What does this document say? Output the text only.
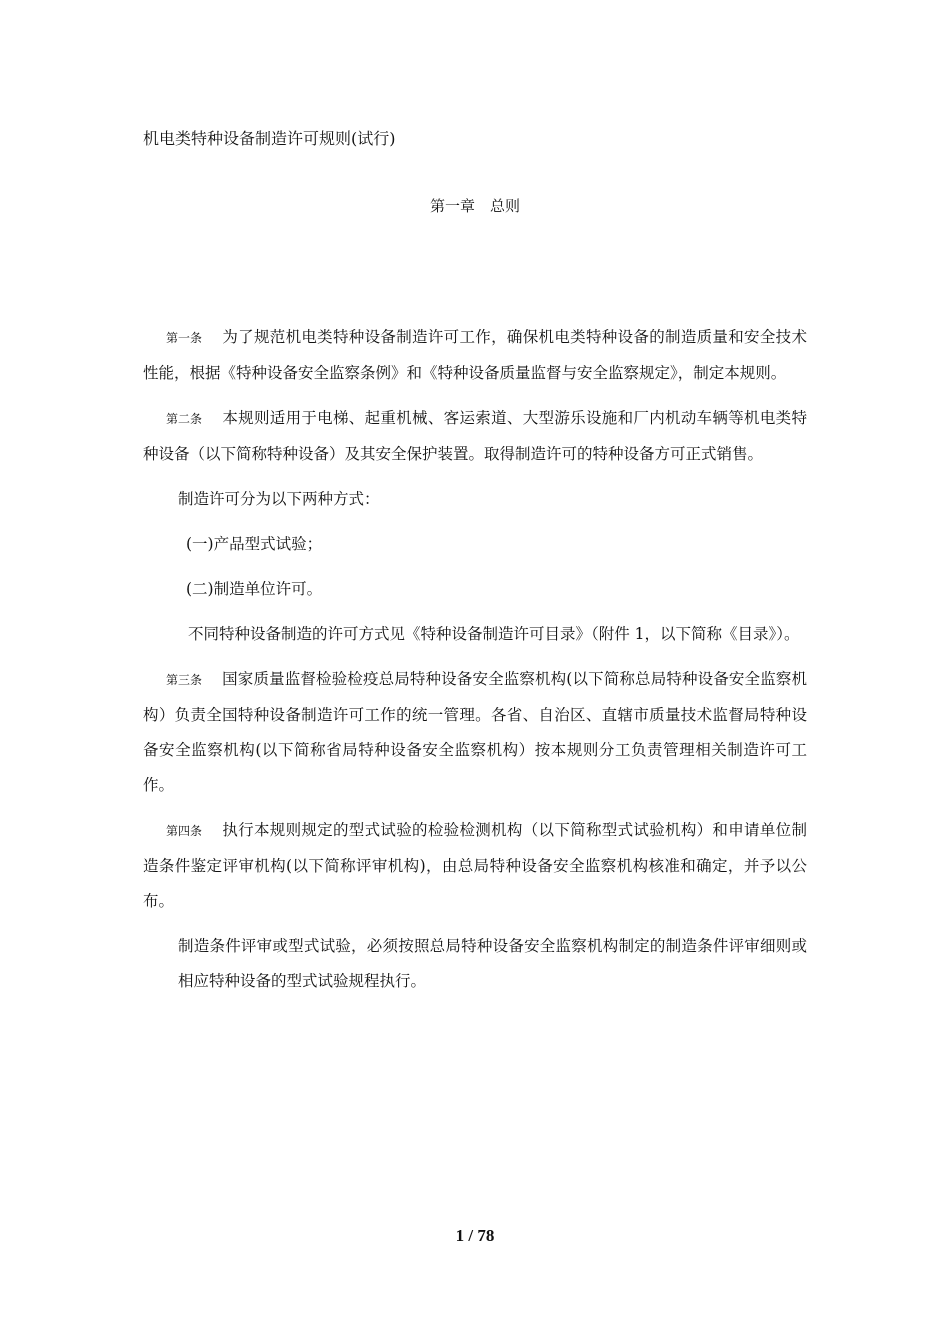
机电类特种设备制造许可规则(试行)
第一章　总则

第一条 为了规范机电类特种设备制造许可工作，确保机电类特种设备的制造质量和安全技术性能，根据《特种设备安全监察条例》和《特种设备质量监督与安全监察规定》，制定本规则。

第二条 本规则适用于电梯、起重机械、客运索道、大型游乐设施和厂内机动车辆等机电类特种设备（以下简称特种设备）及其安全保护装置。取得制造许可的特种设备方可正式销售。

制造许可分为以下两种方式：

(一)产品型式试验；

(二)制造单位许可。

不同特种设备制造的许可方式见《特种设备制造许可目录》（附件 1，以下简称《目录》）。

第三条 国家质量监督检验检疫总局特种设备安全监察机构(以下简称总局特种设备安全监察机构）负责全国特种设备制造许可工作的统一管理。各省、自治区、直辖市质量技术监督局特种设备安全监察机构(以下简称省局特种设备安全监察机构）按本规则分工负责管理相关制造许可工作。

第四条 执行本规则规定的型式试验的检验检测机构（以下简称型式试验机构）和申请单位制造条件鉴定评审机构(以下简称评审机构)，由总局特种设备安全监察机构核准和确定，并予以公布。

制造条件评审或型式试验，必须按照总局特种设备安全监察机构制定的制造条件评审细则或相应特种设备的型式试验规程执行。

1 / 78
